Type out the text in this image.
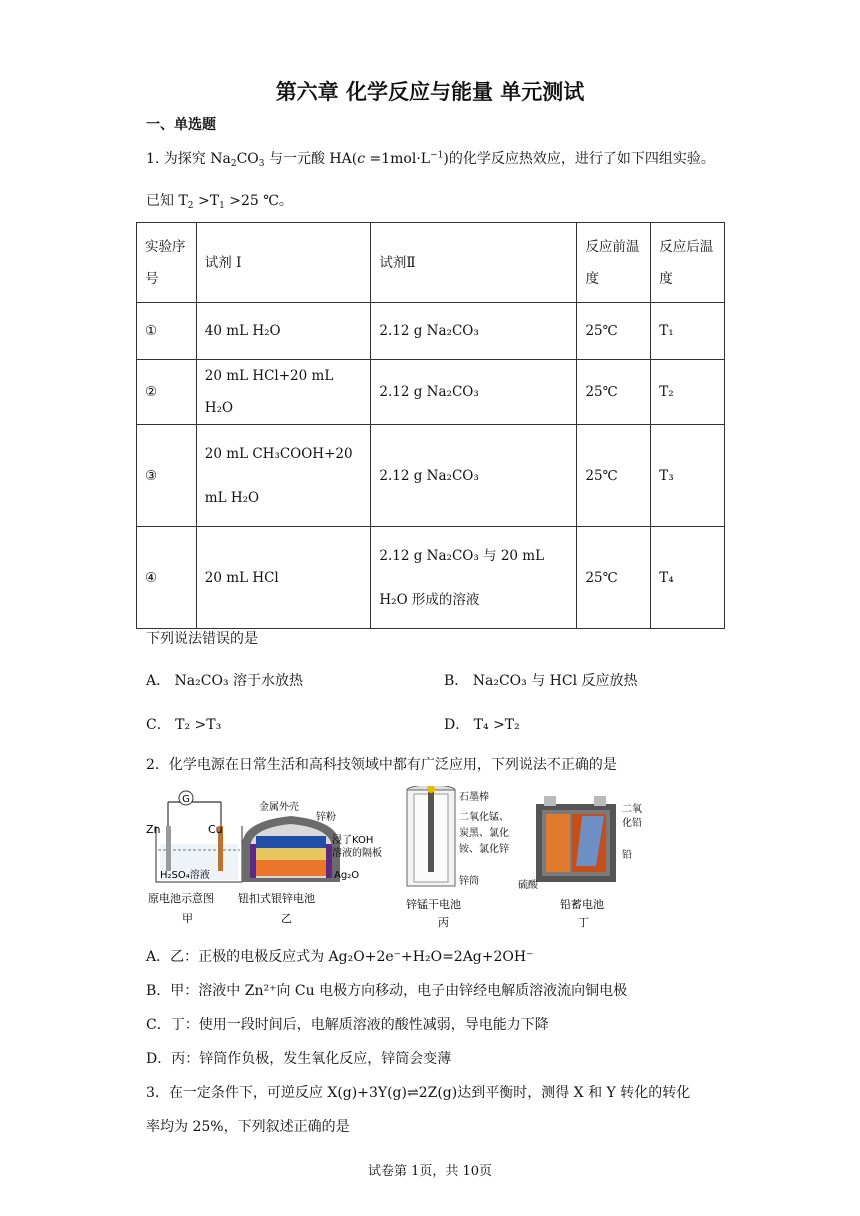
第六章 化学反应与能量 单元测试
一、单选题
1. 为探究 $Na_2CO_3$ 与一元酸 $HA(c =1mol\cdot L^{-1})$的化学反应热效应，进行了如下四组实验。
已知 $T_2 >T_1 >25$ ℃。
实验序号	试剂 I	试剂Ⅱ	反应前温度	反应后温度
①	40 mL H₂O	2.12 g Na₂CO₃	25℃	T₁
②	20 mL HCl+20 mL H₂O	2.12 g Na₂CO₃	25℃	T₂
③	20 mL CH₃COOH+20 mL H₂O	2.12 g Na₂CO₃	25℃	T₃
④	20 mL HCl	2.12 g Na₂CO₃ 与 20 mL H₂O 形成的溶液	25℃	T₄
下列说法错误的是
A． Na₂CO₃ 溶于水放热	B． Na₂CO₃ 与 HCl 反应放热
C． T₂ >T₃	D． T₄ >T₂
2．化学电源在日常生活和高科技领域中都有广泛应用，下列说法不正确的是
G
Zn	Cu
H₂SO₄溶液
原电池示意图
甲
金属外壳
锌粉
浸了KOH
溶液的隔板
Ag₂O
钮扣式银锌电池
乙
石墨棒
二氧化锰、
炭黑、氯化
铵、氯化锌
锌筒
锌锰干电池
丙
二氧
化铅
铅
硫酸
铅蓄电池
丁
A．乙：正极的电极反应式为 Ag₂O+2e⁻+H₂O=2Ag+2OH⁻
B．甲：溶液中 Zn²⁺向 Cu 电极方向移动，电子由锌经电解质溶液流向铜电极
C．丁：使用一段时间后，电解质溶液的酸性减弱，导电能力下降
D．丙：锌筒作负极，发生氧化反应，锌筒会变薄
3．在一定条件下，可逆反应 X(g)+3Y(g)⇌2Z(g)达到平衡时，测得 X 和 Y 转化的转化
率均为 25%，下列叙述正确的是
试卷第 1页，共 10页
